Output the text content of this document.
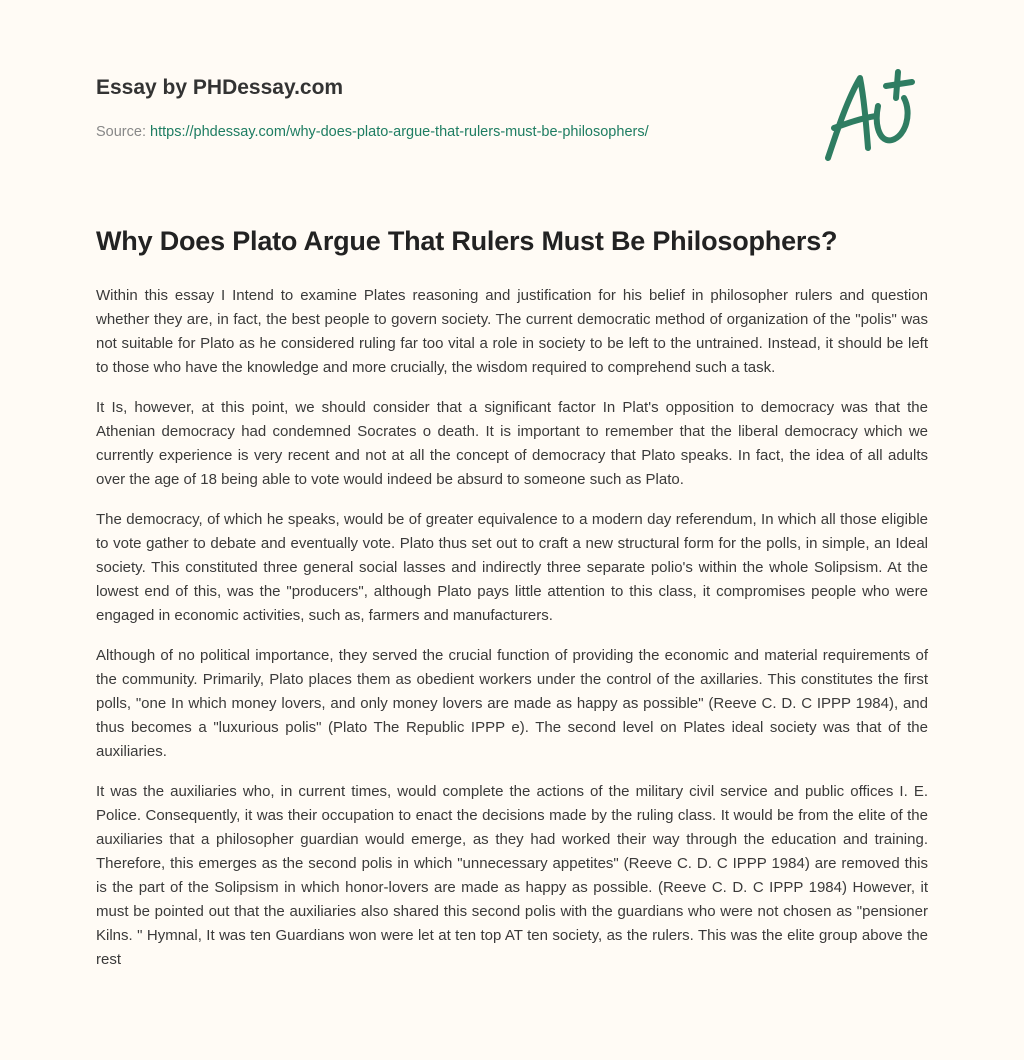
Essay by PHDessay.com
Source: https://phdessay.com/why-does-plato-argue-that-rulers-must-be-philosophers/
Why Does Plato Argue That Rulers Must Be Philosophers?

Within this essay I Intend to examine Plates reasoning and justification for his belief in philosopher rulers and question whether they are, in fact, the best people to govern society. The current democratic method of organization of the "polis" was not suitable for Plato as he considered ruling far too vital a role in society to be left to the untrained. Instead, it should be left to those who have the knowledge and more crucially, the wisdom required to comprehend such a task.

It Is, however, at this point, we should consider that a significant factor In Plat's opposition to democracy was that the Athenian democracy had condemned Socrates o death. It is important to remember that the liberal democracy which we currently experience is very recent and not at all the concept of democracy that Plato speaks. In fact, the idea of all adults over the age of 18 being able to vote would indeed be absurd to someone such as Plato.

The democracy, of which he speaks, would be of greater equivalence to a modern day referendum, In which all those eligible to vote gather to debate and eventually vote. Plato thus set out to craft a new structural form for the polls, in simple, an Ideal society. This constituted three general social lasses and indirectly three separate polio's within the whole Solipsism. At the lowest end of this, was the "producers", although Plato pays little attention to this class, it compromises people who were engaged in economic activities, such as, farmers and manufacturers.

Although of no political importance, they served the crucial function of providing the economic and material requirements of the community. Primarily, Plato places them as obedient workers under the control of the axillaries. This constitutes the first polls, "one In which money lovers, and only money lovers are made as happy as possible" (Reeve C. D. C IPPP 1984), and thus becomes a "luxurious polis" (Plato The Republic IPPP e). The second level on Plates ideal society was that of the auxiliaries.

It was the auxiliaries who, in current times, would complete the actions of the military civil service and public offices I. E. Police. Consequently, it was their occupation to enact the decisions made by the ruling class. It would be from the elite of the auxiliaries that a philosopher guardian would emerge, as they had worked their way through the education and training. Therefore, this emerges as the second polis in which "unnecessary appetites" (Reeve C. D. C IPPP 1984) are removed this is the part of the Solipsism in which honor-lovers are made as happy as possible. (Reeve C. D. C IPPP 1984) However, it must be pointed out that the auxiliaries also shared this second polis with the guardians who were not chosen as "pensioner Kilns. " Hymnal, It was ten Guardians won were let at ten top AT ten society, as the rulers. This was the elite group above the rest
